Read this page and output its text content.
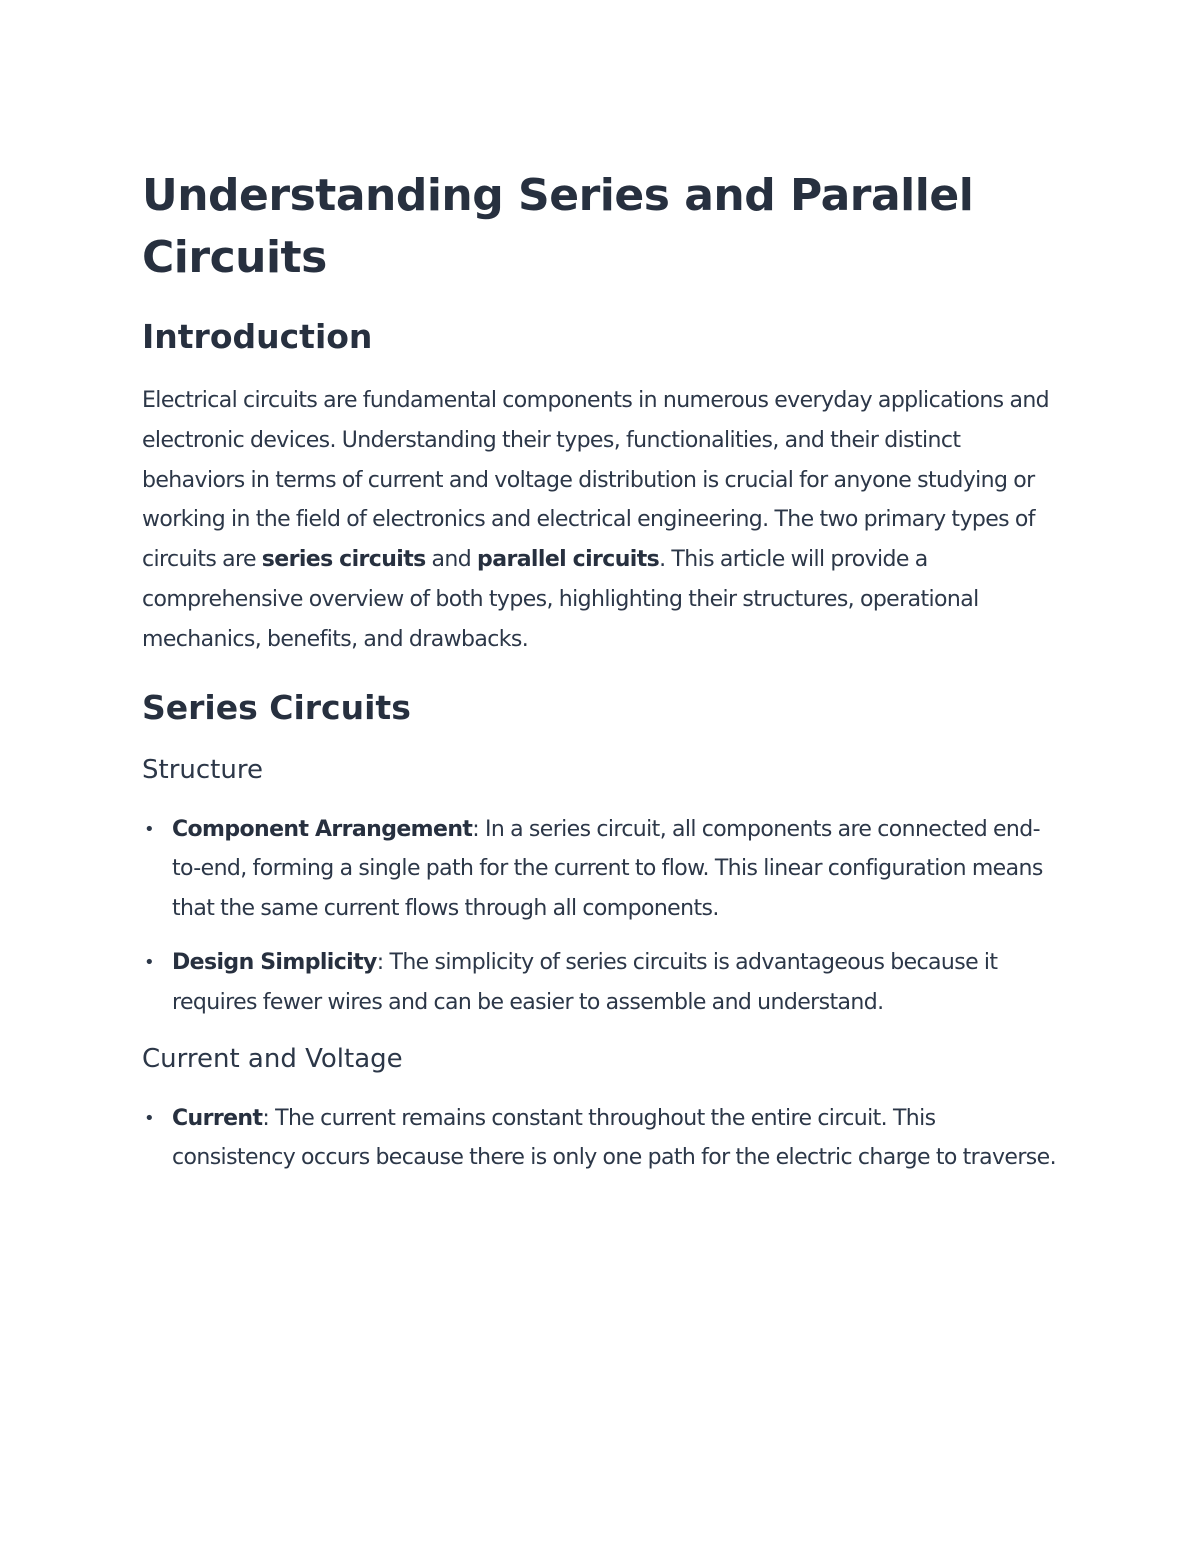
Understanding Series and Parallel Circuits
Introduction

Electrical circuits are fundamental components in numerous everyday applications and electronic devices. Understanding their types, functionalities, and their distinct behaviors in terms of current and voltage distribution is crucial for anyone studying or working in the field of electronics and electrical engineering. The two primary types of circuits are series circuits and parallel circuits. This article will provide a comprehensive overview of both types, highlighting their structures, operational mechanics, benefits, and drawbacks.

Series Circuits
Structure
• Component Arrangement: In a series circuit, all components are connected end-to-end, forming a single path for the current to flow. This linear configuration means that the same current flows through all components.
• Design Simplicity: The simplicity of series circuits is advantageous because it requires fewer wires and can be easier to assemble and understand.
Current and Voltage
• Current: The current remains constant throughout the entire circuit. This consistency occurs because there is only one path for the electric charge to traverse.
